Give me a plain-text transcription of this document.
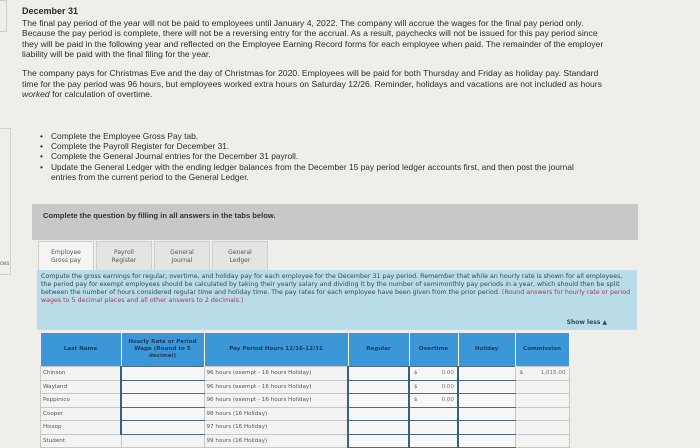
ces
December 31

The final pay period of the year will not be paid to employees until January 4, 2022. The company will accrue the wages for the final pay period only. Because the pay period is complete, there will not be a reversing entry for the accrual. As a result, paychecks will not be issued for this pay period since they will be paid in the following year and reflected on the Employee Earning Record forms for each employee when paid. The remainder of the employer liability will be paid with the final filing for the year.

The company pays for Christmas Eve and the day of Christmas for 2020. Employees will be paid for both Thursday and Friday as holiday pay. Standard time for the pay period was 96 hours, but employees worked extra hours on Saturday 12/26. Reminder, holidays and vacations are not included as hours worked for calculation of overtime.

• Complete the Employee Gross Pay tab.
• Complete the Payroll Register for December 31.
• Complete the General Journal entries for the December 31 payroll.
• Update the General Ledger with the ending ledger balances from the December 15 pay period ledger accounts first, and then post the journal entries from the current period to the General Ledger.
Complete the question by filling in all answers in the tabs below.
Employee
Gross pay
Payroll
Register
General
Journal
General
Ledger
Compute the gross earnings for regular, overtime, and holiday pay for each employee for the December 31 pay period. Remember that while an hourly rate is shown for all employees, the period pay for exempt employees should be calculated by taking their yearly salary and dividing it by the number of semimonthly pay periods in a year, which should then be split between the number of hours considered regular time and holiday time. The pay rates for each employee have been given from the prior period. (Round answers for hourly rate or period wages to 5 decimal places and all other answers to 2 decimals.)
Show less ▲
Last Name	Hourly Rate or Period Wage (Round to 5 decimal)	Pay Period Hours 12/16-12/31	Regular	Overtime	Holiday	Commission
Chinson		96 hours (exempt - 16 hours Holiday)		$ 0.00		$ 1,015.00

Wayland		96 hours (exempt - 16 hours Holiday)		$ 0.00		

Peppinico		96 hours (exempt - 16 hours Holiday)		$ 0.00		

Cooper		98 hours (16 Holiday)				
Hissop		97 hours (16 Holiday)				
Student		99 hours (16 Holiday)				
